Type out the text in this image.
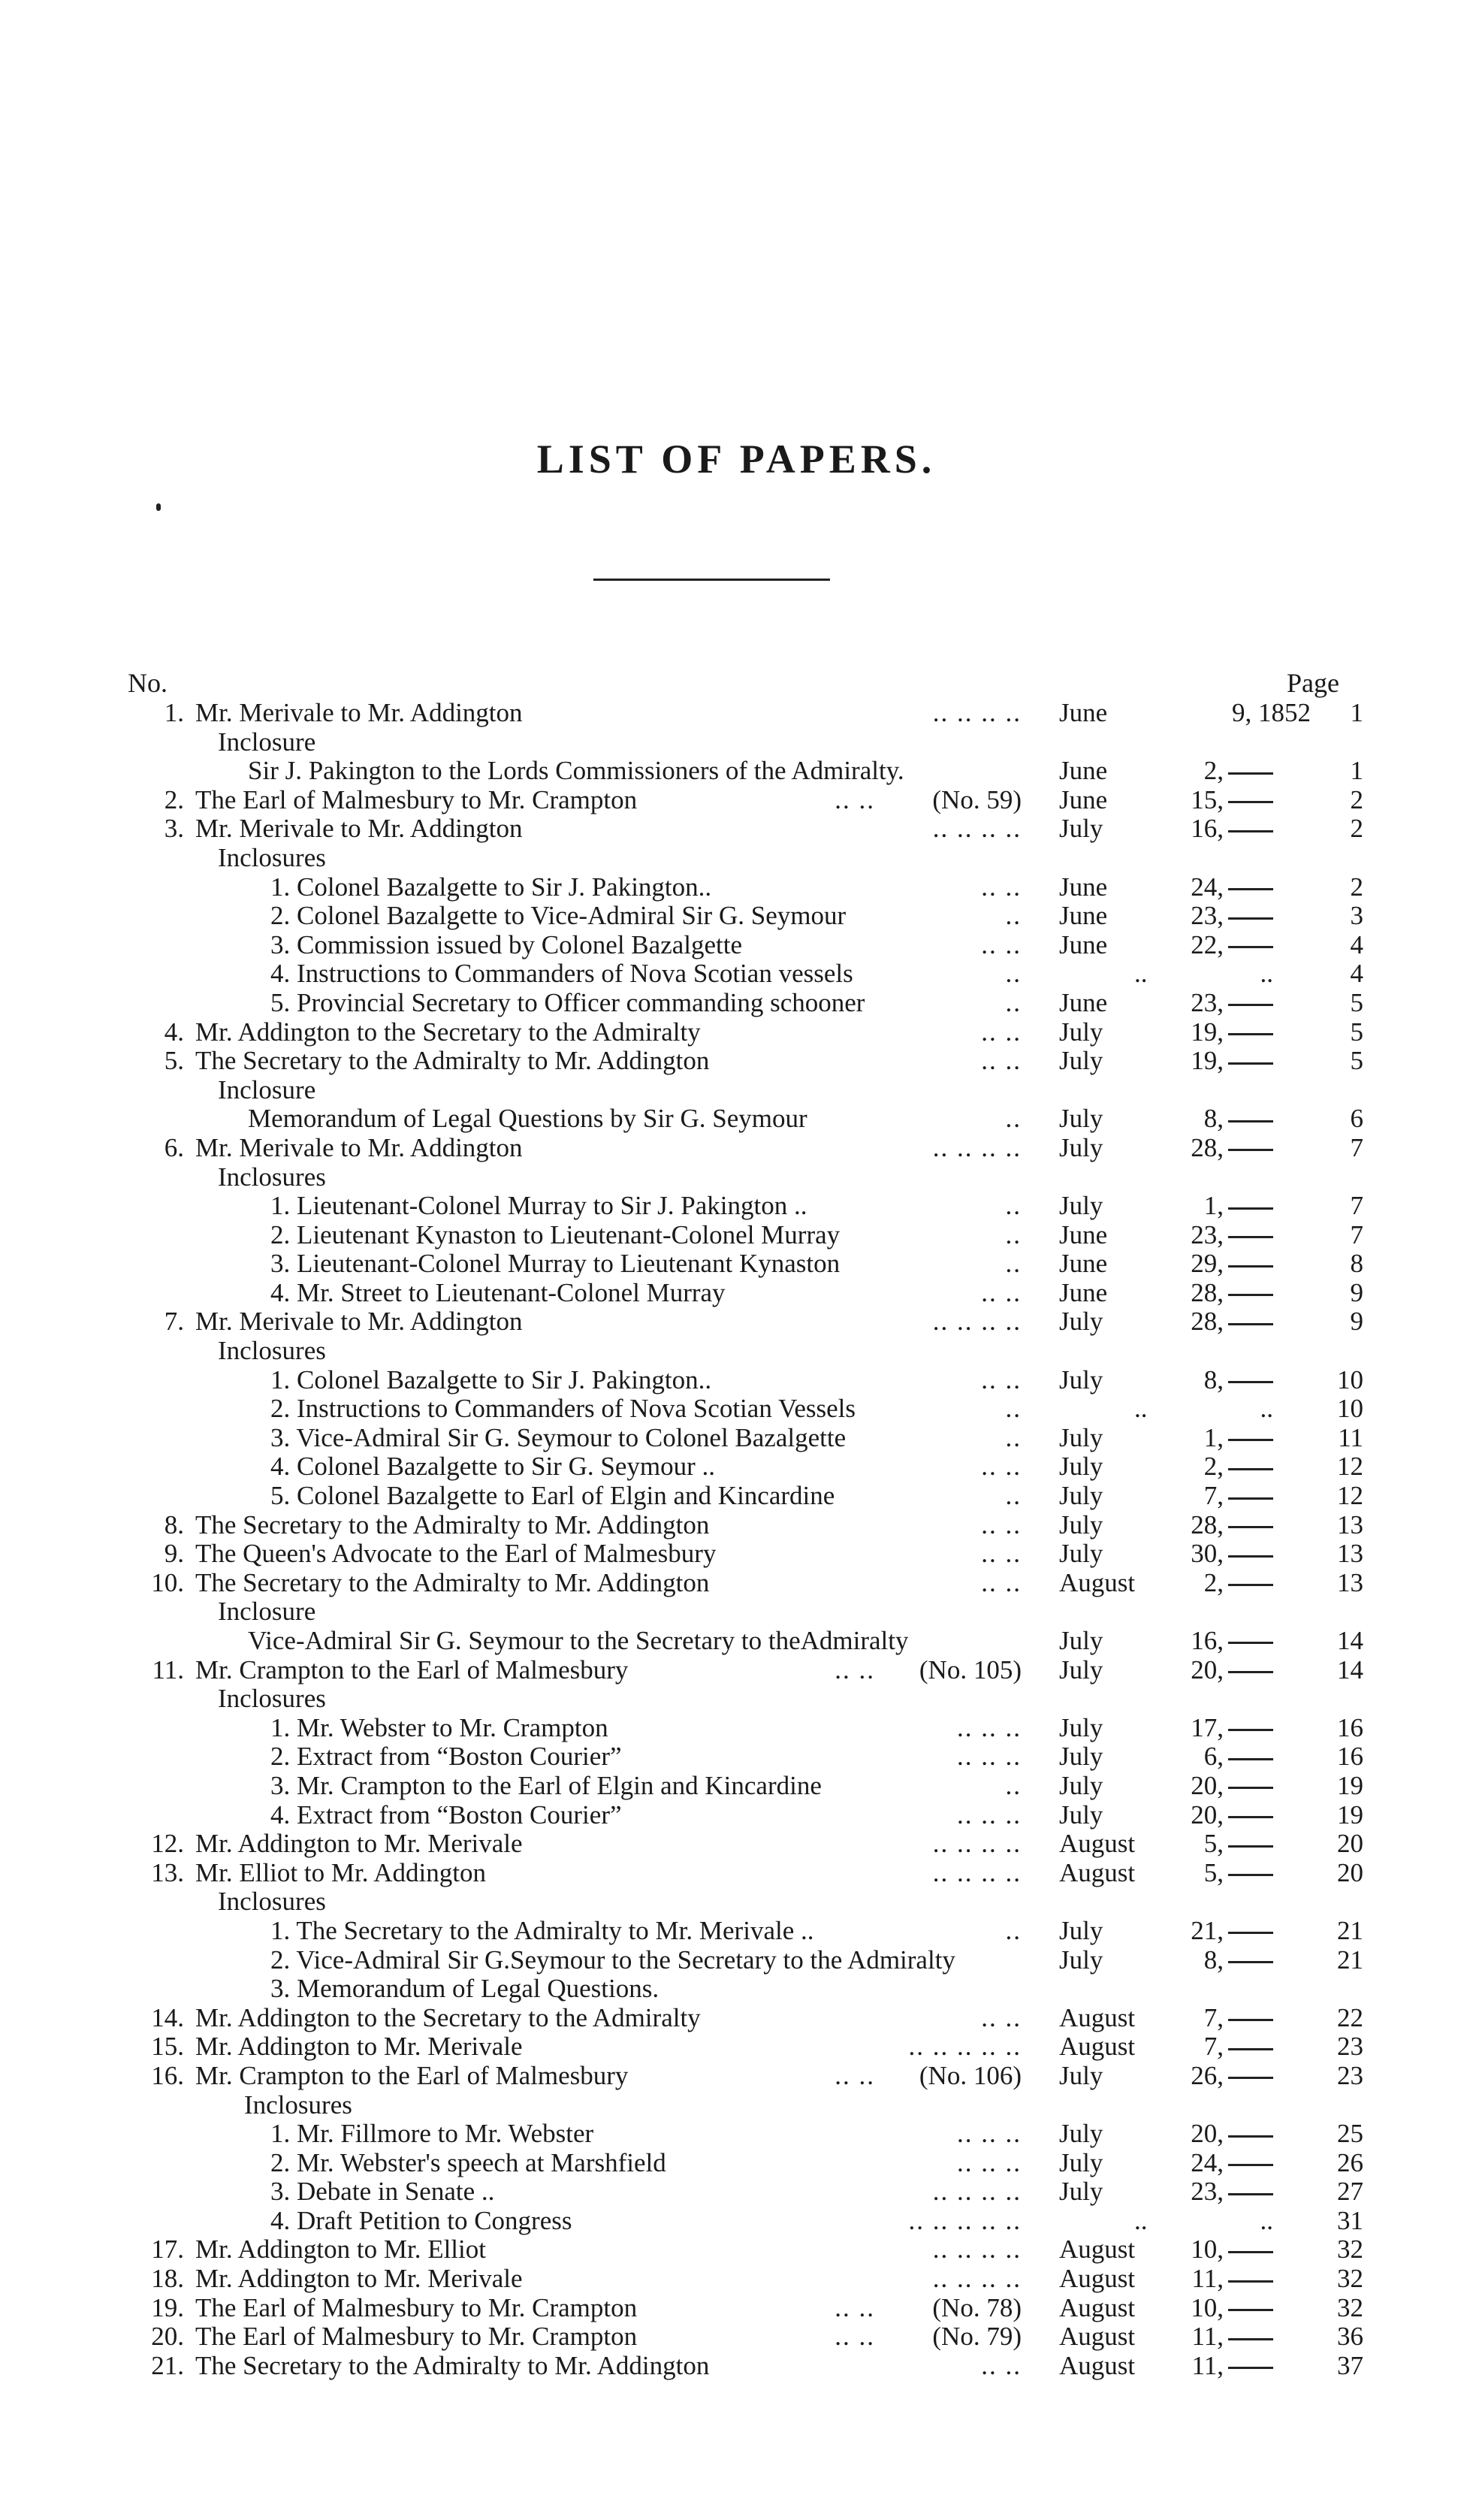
LIST OF PAPERS.
No.	Page
1. Mr. Merivale to Mr. Addington	.. .. .. .. June	9, 1852	1
Inclosure
Sir J. Pakington to the Lords Commissioners of the Admiralty.	June	2,	1
2. The Earl of Malmesbury to Mr. Crampton	.. .. (No. 59) June	15,	2
3. Mr. Merivale to Mr. Addington	.. .. .. .. July	16,	2
Inclosures
1. Colonel Bazalgette to Sir J. Pakington..	.. .. June	24,	2
2. Colonel Bazalgette to Vice-Admiral Sir G. Seymour	.. June	23,	3
3. Commission issued by Colonel Bazalgette	.. .. June	22,	4
4. Instructions to Commanders of Nova Scotian vessels	..	..	..	4
5. Provincial Secretary to Officer commanding schooner	.. June	23,	5
4. Mr. Addington to the Secretary to the Admiralty	.. .. July	19,	5
5. The Secretary to the Admiralty to Mr. Addington	.. .. July	19,	5
Inclosure
Memorandum of Legal Questions by Sir G. Seymour	.. July	8,	6
6. Mr. Merivale to Mr. Addington	.. .. .. .. July	28,	7
Inclosures
1. Lieutenant-Colonel Murray to Sir J. Pakington ..	.. July	1,	7
2. Lieutenant Kynaston to Lieutenant-Colonel Murray	.. June	23,	7
3. Lieutenant-Colonel Murray to Lieutenant Kynaston	.. June	29,	8
4. Mr. Street to Lieutenant-Colonel Murray	.. .. June	28,	9
7. Mr. Merivale to Mr. Addington	.. .. .. .. July	28,	9
Inclosures
1. Colonel Bazalgette to Sir J. Pakington..	.. .. July	8,	10
2. Instructions to Commanders of Nova Scotian Vessels	..	..	.. 10
3. Vice-Admiral Sir G. Seymour to Colonel Bazalgette	.. July	1,	11
4. Colonel Bazalgette to Sir G. Seymour ..	.. .. July	2,	12
5. Colonel Bazalgette to Earl of Elgin and Kincardine	.. July	7,	12
8. The Secretary to the Admiralty to Mr. Addington	.. .. July	28,	13
9. The Queen's Advocate to the Earl of Malmesbury	.. .. July	30,	13
10. The Secretary to the Admiralty to Mr. Addington	.. .. August	2,	13
Inclosure
Vice-Admiral Sir G. Seymour to the Secretary to theAdmiralty	July	16,	14
11. Mr. Crampton to the Earl of Malmesbury	.. .. (No. 105) July	20,	14
Inclosures
1. Mr. Webster to Mr. Crampton	.. .. .. July	17,	16
2. Extract from “Boston Courier”	.. .. .. July	6,	16
3. Mr. Crampton to the Earl of Elgin and Kincardine	.. July	20,	19
4. Extract from “Boston Courier”	.. .. .. July	20,	19
12. Mr. Addington to Mr. Merivale	.. .. .. .. August	5,	20
13. Mr. Elliot to Mr. Addington	.. .. .. .. August	5,	20
Inclosures
1. The Secretary to the Admiralty to Mr. Merivale ..	.. July	21,	21
2. Vice-Admiral Sir G.Seymour to the Secretary to the Admiralty	July	8,	21
3. Memorandum of Legal Questions.
14. Mr. Addington to the Secretary to the Admiralty	.. .. August	7,	22
15. Mr. Addington to Mr. Merivale	.. .. .. .. .. August	7,	23
16. Mr. Crampton to the Earl of Malmesbury	.. .. (No. 106) July	26,	23
Inclosures
1. Mr. Fillmore to Mr. Webster	.. .. .. July	20,	25
2. Mr. Webster's speech at Marshfield	.. .. .. July	24,	26
3. Debate in Senate ..	.. .. .. .. July	23,	27
4. Draft Petition to Congress	.. .. .. .. ..	..	.. 31
17. Mr. Addington to Mr. Elliot	.. .. .. .. August 10,	32
18. Mr. Addington to Mr. Merivale	.. .. .. .. August 11,	32
19. The Earl of Malmesbury to Mr. Crampton	.. .. (No. 78) August 10,	32
20. The Earl of Malmesbury to Mr. Crampton	.. .. (No. 79) August 11,	36
21. The Secretary to the Admiralty to Mr. Addington	.. .. August 11,	37
